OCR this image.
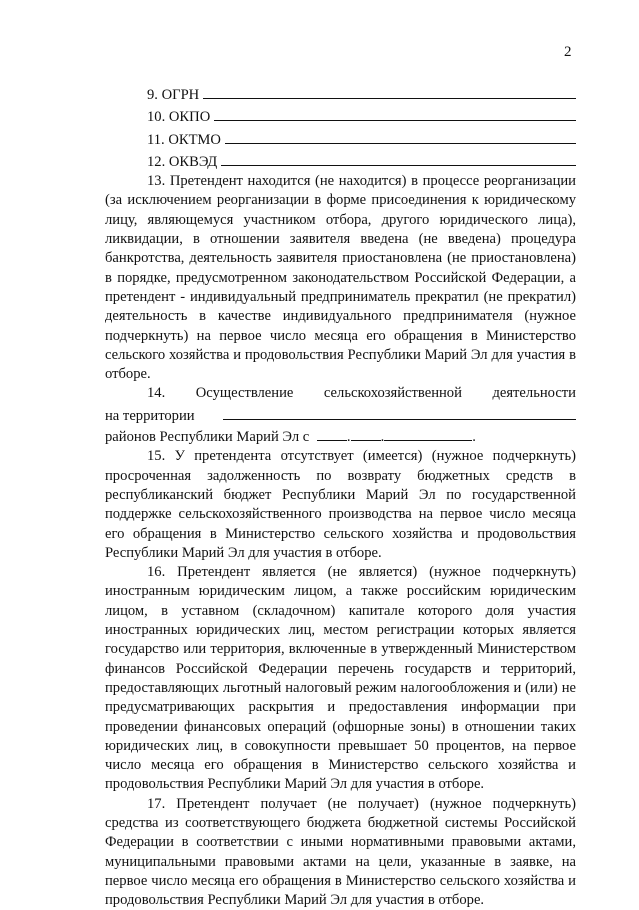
2
9. ОГРН
10. ОКПО
11. ОКТМО
12. ОКВЭД
13. Претендент находится (не находится) в процессе реорганизации (за исключением реорганизации в форме присоединения к юридическому лицу, являющемуся участником отбора, другого юридического лица), ликвидации, в отношении заявителя введена (не введена) процедура банкротства, деятельность заявителя приостановлена (не приостановлена) в порядке, предусмотренном законодательством Российской Федерации, а претендент - индивидуальный предприниматель прекратил (не прекратил) деятельность в качестве индивидуального предпринимателя (нужное подчеркнуть) на первое число месяца его обращения в Министерство сельского хозяйства и продовольствия Республики Марий Эл для участия в отборе.
14. Осуществление сельскохозяйственной деятельности
на территории
районов Республики Марий Эл с	. .	.
15. У претендента отсутствует (имеется) (нужное подчеркнуть) просроченная задолженность по возврату бюджетных средств в республиканский бюджет Республики Марий Эл по государственной поддержке сельскохозяйственного производства на первое число месяца его обращения в Министерство сельского хозяйства и продовольствия Республики Марий Эл для участия в отборе.
16. Претендент является (не является) (нужное подчеркнуть) иностранным юридическим лицом, а также российским юридическим лицом, в уставном (складочном) капитале которого доля участия иностранных юридических лиц, местом регистрации которых является государство или территория, включенные в утвержденный Министерством финансов Российской Федерации перечень государств и территорий, предоставляющих льготный налоговый режим налогообложения и (или) не предусматривающих раскрытия и предоставления информации при проведении финансовых операций (офшорные зоны) в отношении таких юридических лиц, в совокупности превышает 50 процентов, на первое число месяца его обращения в Министерство сельского хозяйства и продовольствия Республики Марий Эл для участия в отборе.
17. Претендент получает (не получает) (нужное подчеркнуть) средства из соответствующего бюджета бюджетной системы Российской Федерации в соответствии с иными нормативными правовыми актами, муниципальными правовыми актами на цели, указанные в заявке, на первое число месяца его обращения в Министерство сельского хозяйства и продовольствия Республики Марий Эл для участия в отборе.
